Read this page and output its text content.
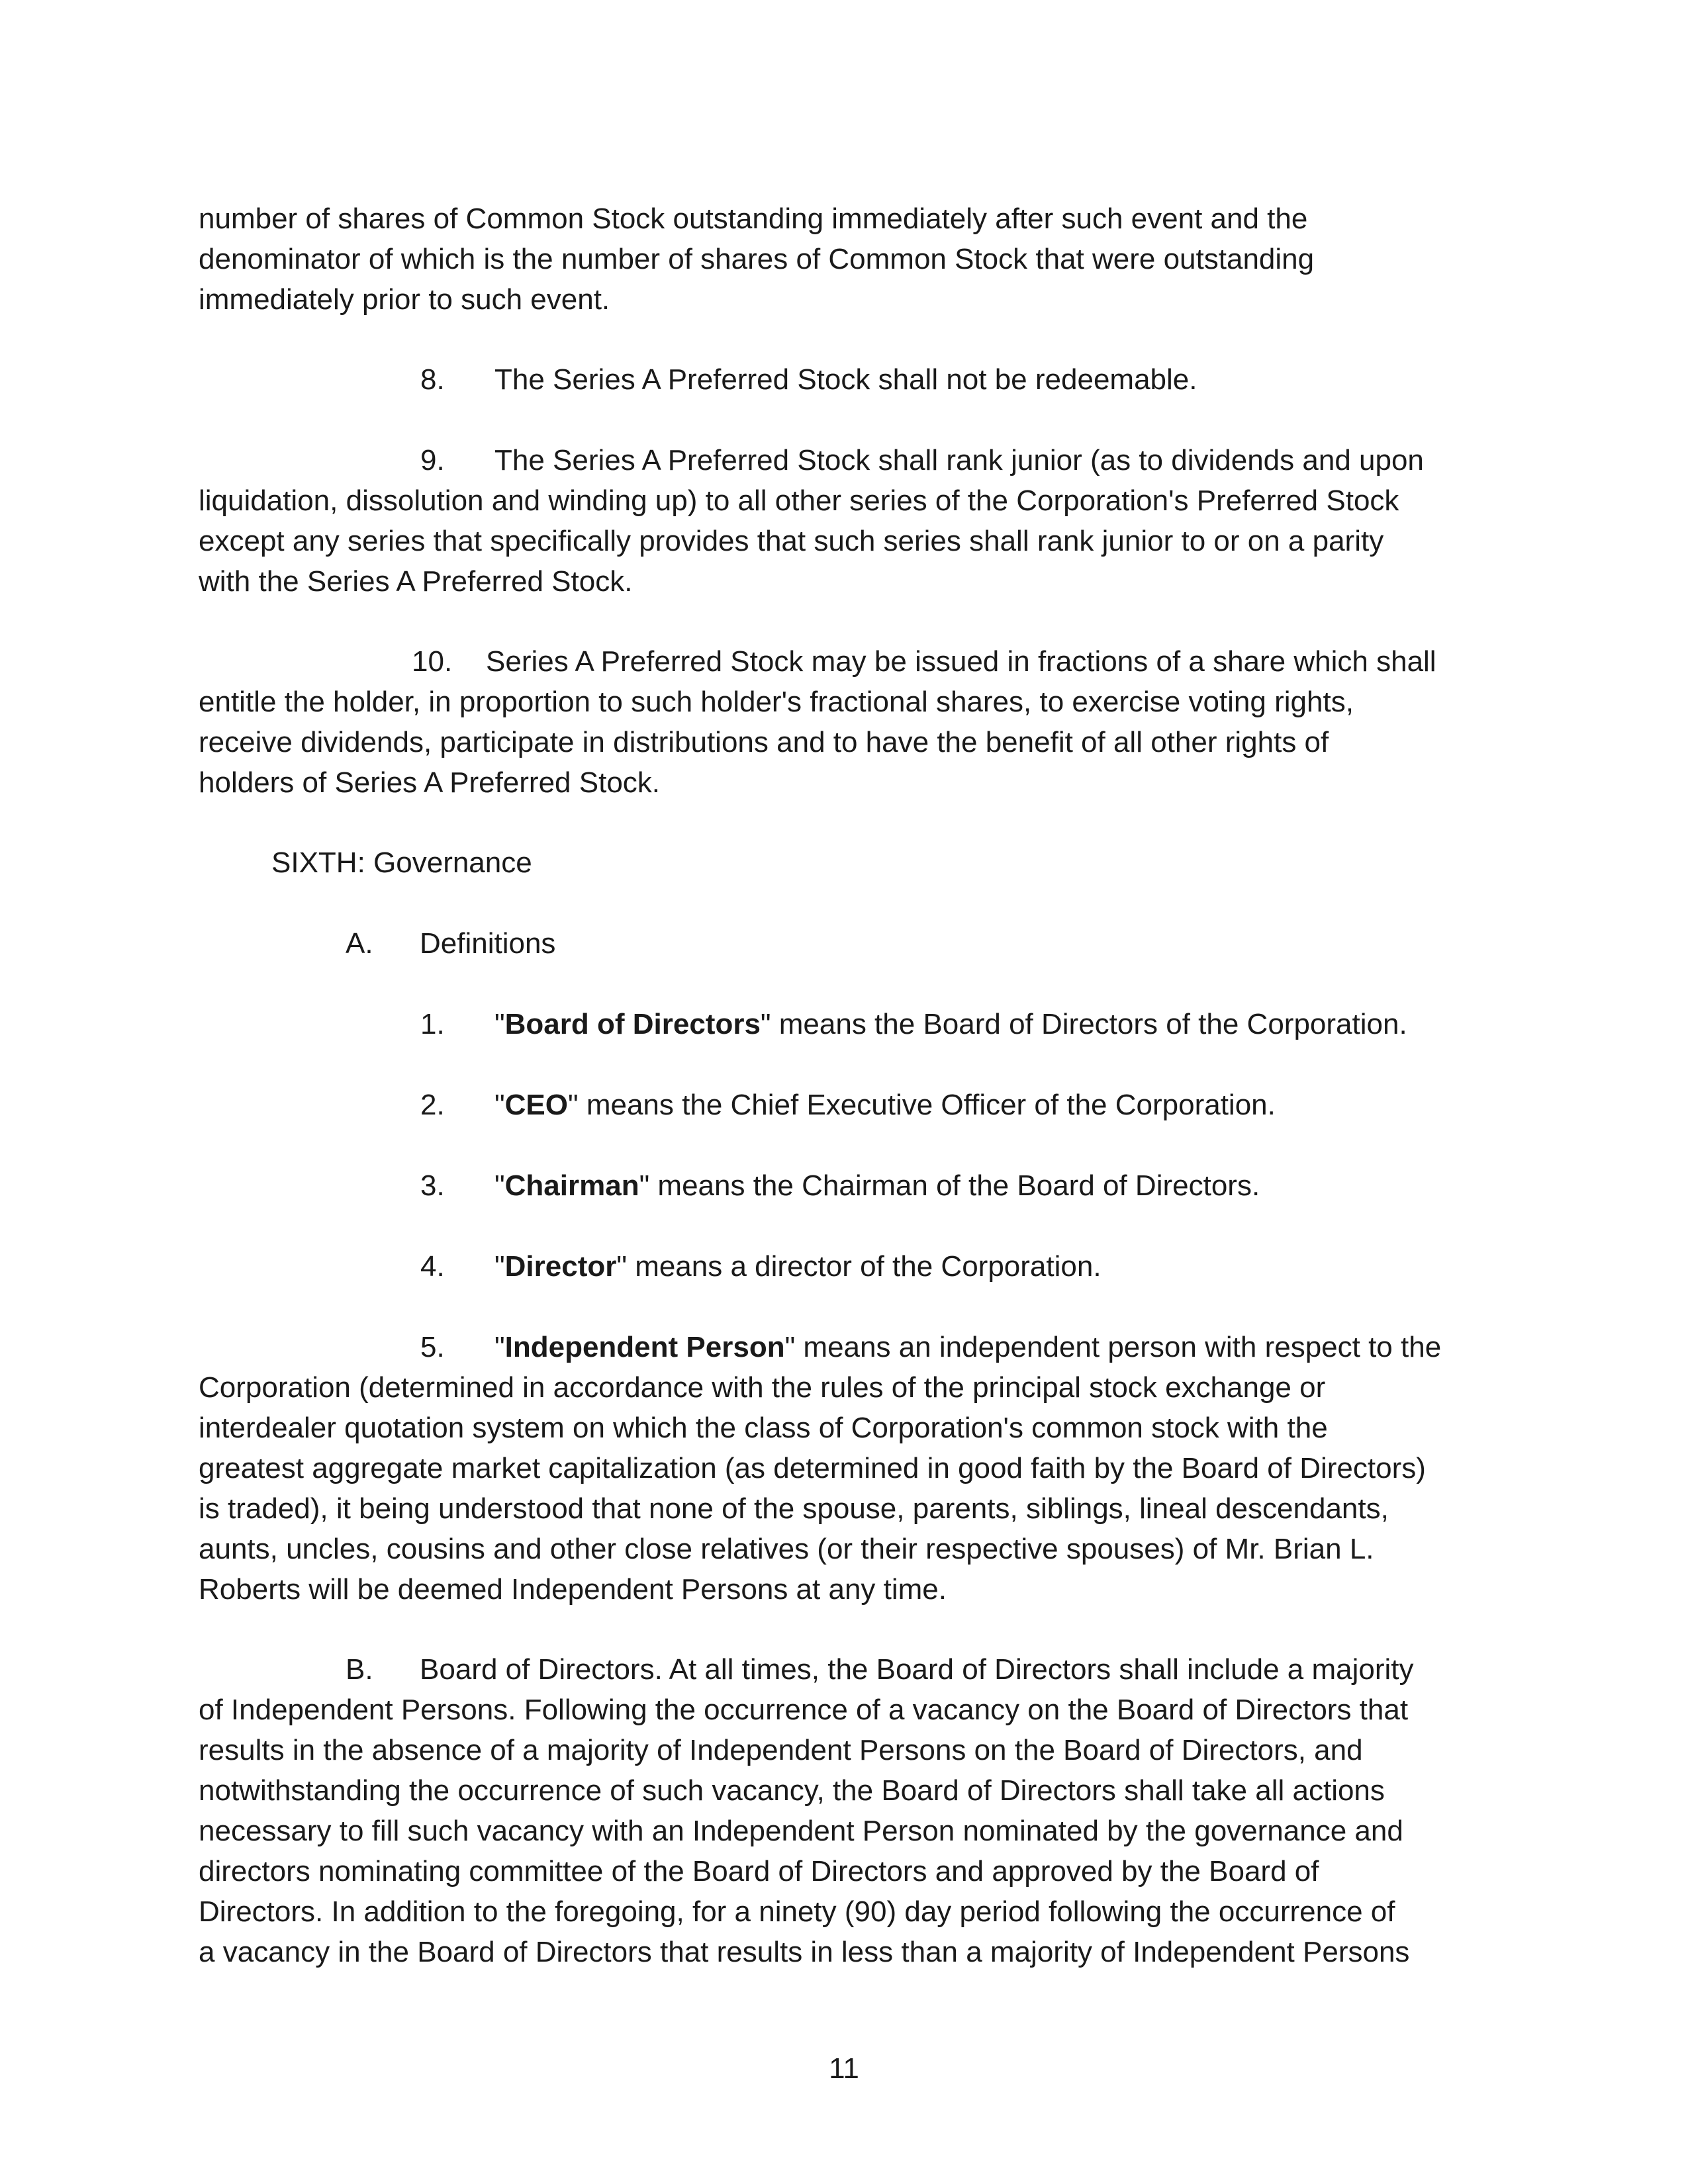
number of shares of Common Stock outstanding immediately after such event and the
denominator of which is the number of shares of Common Stock that were outstanding
immediately prior to such event.
8. The Series A Preferred Stock shall not be redeemable.
9. The Series A Preferred Stock shall rank junior (as to dividends and upon
liquidation, dissolution and winding up) to all other series of the Corporation's Preferred Stock
except any series that specifically provides that such series shall rank junior to or on a parity
with the Series A Preferred Stock.
10. Series A Preferred Stock may be issued in fractions of a share which shall
entitle the holder, in proportion to such holder's fractional shares, to exercise voting rights,
receive dividends, participate in distributions and to have the benefit of all other rights of
holders of Series A Preferred Stock.
SIXTH: Governance
A. Definitions
1. "Board of Directors" means the Board of Directors of the Corporation.
2. "CEO" means the Chief Executive Officer of the Corporation.
3. "Chairman" means the Chairman of the Board of Directors.
4. "Director" means a director of the Corporation.
5. "Independent Person" means an independent person with respect to the
Corporation (determined in accordance with the rules of the principal stock exchange or
interdealer quotation system on which the class of Corporation's common stock with the
greatest aggregate market capitalization (as determined in good faith by the Board of Directors)
is traded), it being understood that none of the spouse, parents, siblings, lineal descendants,
aunts, uncles, cousins and other close relatives (or their respective spouses) of Mr. Brian L.
Roberts will be deemed Independent Persons at any time.
B. Board of Directors. At all times, the Board of Directors shall include a majority
of Independent Persons. Following the occurrence of a vacancy on the Board of Directors that
results in the absence of a majority of Independent Persons on the Board of Directors, and
notwithstanding the occurrence of such vacancy, the Board of Directors shall take all actions
necessary to fill such vacancy with an Independent Person nominated by the governance and
directors nominating committee of the Board of Directors and approved by the Board of
Directors. In addition to the foregoing, for a ninety (90) day period following the occurrence of
a vacancy in the Board of Directors that results in less than a majority of Independent Persons
11
